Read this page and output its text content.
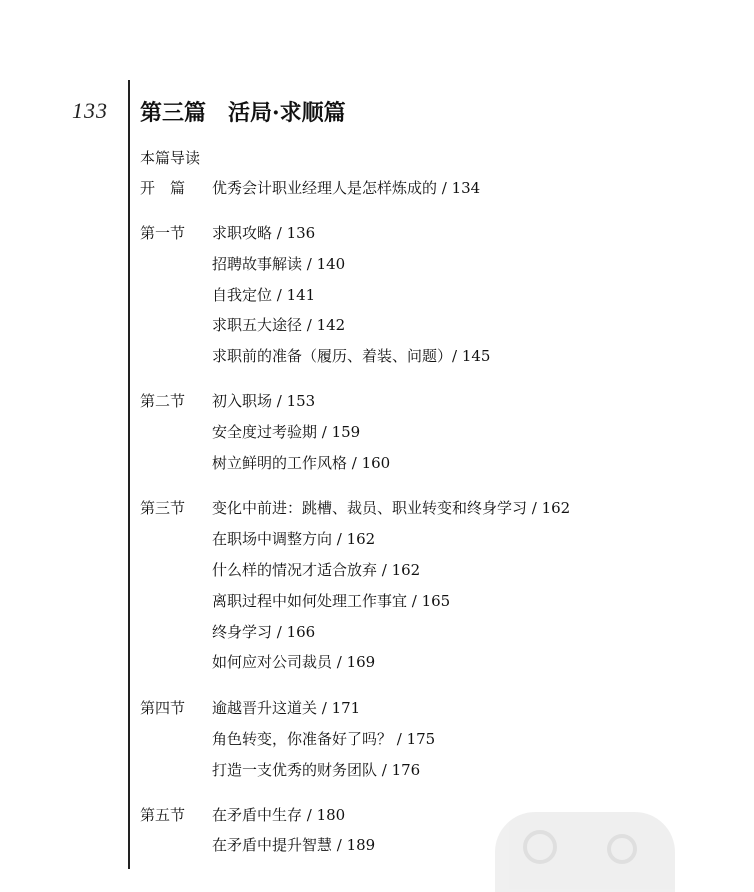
133 第三篇　活局·求顺篇
本篇导读
开　篇 优秀会计职业经理人是怎样炼成的 / 134
第一节 求职攻略 / 136
招聘故事解读 / 140
自我定位 / 141
求职五大途径 / 142
求职前的准备（履历、着装、问题）/ 145
第二节 初入职场 / 153
安全度过考验期 / 159
树立鲜明的工作风格 / 160
第三节 变化中前进：跳槽、裁员、职业转变和终身学习 / 162
在职场中调整方向 / 162
什么样的情况才适合放弃 / 162
离职过程中如何处理工作事宜 / 165
终身学习 / 166
如何应对公司裁员 / 169
第四节 逾越晋升这道关 / 171
角色转变，你准备好了吗？ / 175
打造一支优秀的财务团队 / 176
第五节 在矛盾中生存 / 180
在矛盾中提升智慧 / 189
